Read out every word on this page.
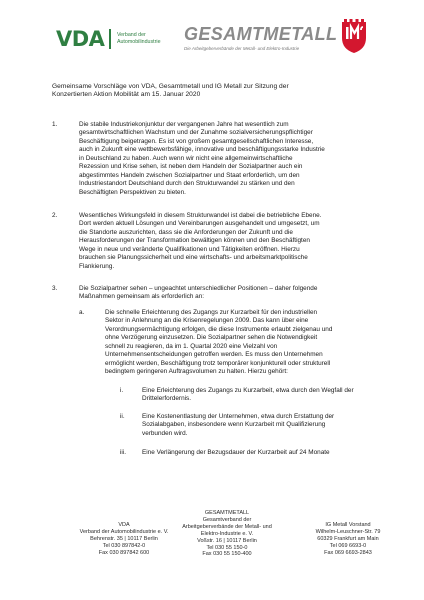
VDA Verband der
Automobilindustrie GESAMTMETALL
Die Arbeitgeberverbände der Metall- und Elektro-Industrie
Gemeinsame Vorschläge von VDA, Gesamtmetall und IG Metall zur Sitzung der
Konzertierten Aktion Mobilität am 15. Januar 2020
1.	Die stabile Industriekonjunktur der vergangenen Jahre hat wesentlich zum
gesamtwirtschaftlichen Wachstum und der Zunahme sozialversicherungspflichtiger
Beschäftigung beigetragen. Es ist von großem gesamtgesellschaftlichen Interesse,
auch in Zukunft eine wettbewerbsfähige, innovative und beschäftigungsstarke Industrie
in Deutschland zu haben. Auch wenn wir nicht eine allgemeinwirtschaftliche
Rezession und Krise sehen, ist neben dem Handeln der Sozialpartner auch ein
abgestimmtes Handeln zwischen Sozialpartner und Staat erforderlich, um den
Industriestandort Deutschland durch den Strukturwandel zu stärken und den
Beschäftigten Perspektiven zu bieten.
2.	Wesentliches Wirkungsfeld in diesem Strukturwandel ist dabei die betriebliche Ebene.
Dort werden aktuell Lösungen und Vereinbarungen ausgehandelt und umgesetzt, um
die Standorte auszurichten, dass sie die Anforderungen der Zukunft und die
Herausforderungen der Transformation bewältigen können und den Beschäftigten
Wege in neue und veränderte Qualifikationen und Tätigkeiten eröffnen. Hierzu
brauchen sie Planungssicherheit und eine wirtschafts- und arbeitsmarktpolitische
Flankierung.
3.	Die Sozialpartner sehen – ungeachtet unterschiedlicher Positionen – daher folgende
Maßnahmen gemeinsam als erforderlich an:
a.	Die schnelle Erleichterung des Zugangs zur Kurzarbeit für den industriellen
Sektor in Anlehnung an die Krisenregelungen 2009. Das kann über eine
Verordnungsermächtigung erfolgen, die diese Instrumente erlaubt zielgenau und
ohne Verzögerung einzusetzen. Die Sozialpartner sehen die Notwendigkeit
schnell zu reagieren, da im 1. Quartal 2020 eine Vielzahl von
Unternehmensentscheidungen getroffen werden. Es muss den Unternehmen
ermöglicht werden, Beschäftigung trotz temporärer konjunkturell oder strukturell
bedingtem geringeren Auftragsvolumen zu halten. Hierzu gehört:
i.	Eine Erleichterung des Zugangs zu Kurzarbeit, etwa durch den Wegfall der
Drittelerfordernis.
ii.	Eine Kostenentlastung der Unternehmen, etwa durch Erstattung der
Sozialabgaben, insbesondere wenn Kurzarbeit mit Qualifizierung
verbunden wird.
iii. Eine Verlängerung der Bezugsdauer der Kurzarbeit auf 24 Monate
VDA
Verband der Automobilindustrie e. V.
Behrenstr. 35 | 10117 Berlin
Tel 030 897842-0
Fax 030 897842 600
GESAMTMETALL
Gesamtverband der
Arbeitgeberverbände der Metall- und
Elektro-Industrie e. V.
Voßstr. 16 | 10117 Berlin
Tel 030 55 150-0
Fax 030 55 150-400
IG Metall Vorstand
Wilhelm-Leuschner-Str. 79
60329 Frankfurt am Main
Tel 069 6693-0
Fax 069 6693-2843
